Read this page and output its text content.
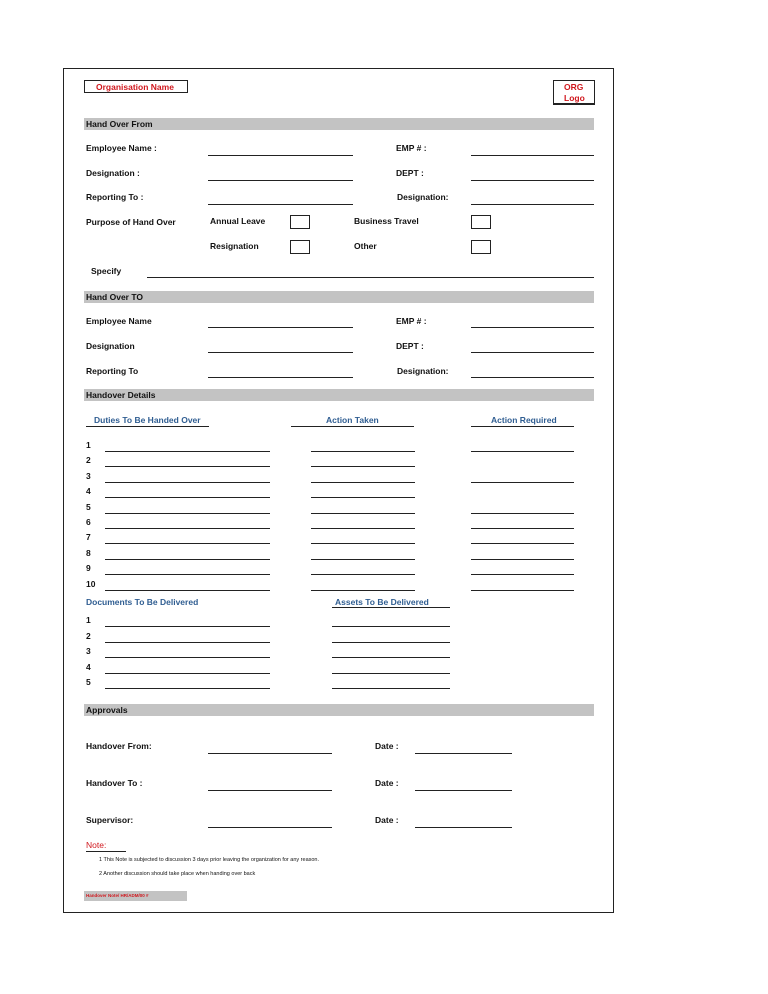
Organisation Name	ORG
Logo
Hand Over From
Employee Name :	EMP # :
Designation :	DEPT :
Reporting To :	Designation:
Purpose of Hand Over	Annual Leave	Business Travel
Resignation	Other
Specify
Hand Over TO
Employee Name	EMP # :
Designation	DEPT :
Reporting To	Designation:
Handover Details
Duties To Be Handed Over	Action Taken	Action Required
1
2
3
4
5
6
7
8
9
10
Documents To Be Delivered	Assets To Be Delivered
1
2
3
4
5
Approvals
Handover From:	Date :
Handover To :	Date :
Supervisor:	Date :
Note:
1 This Note is subjected to discussion 3 days prior leaving the organization for any reason.
2 Another discussion should take place when handing over back
Handover Note/ HR/ADM/00 #
